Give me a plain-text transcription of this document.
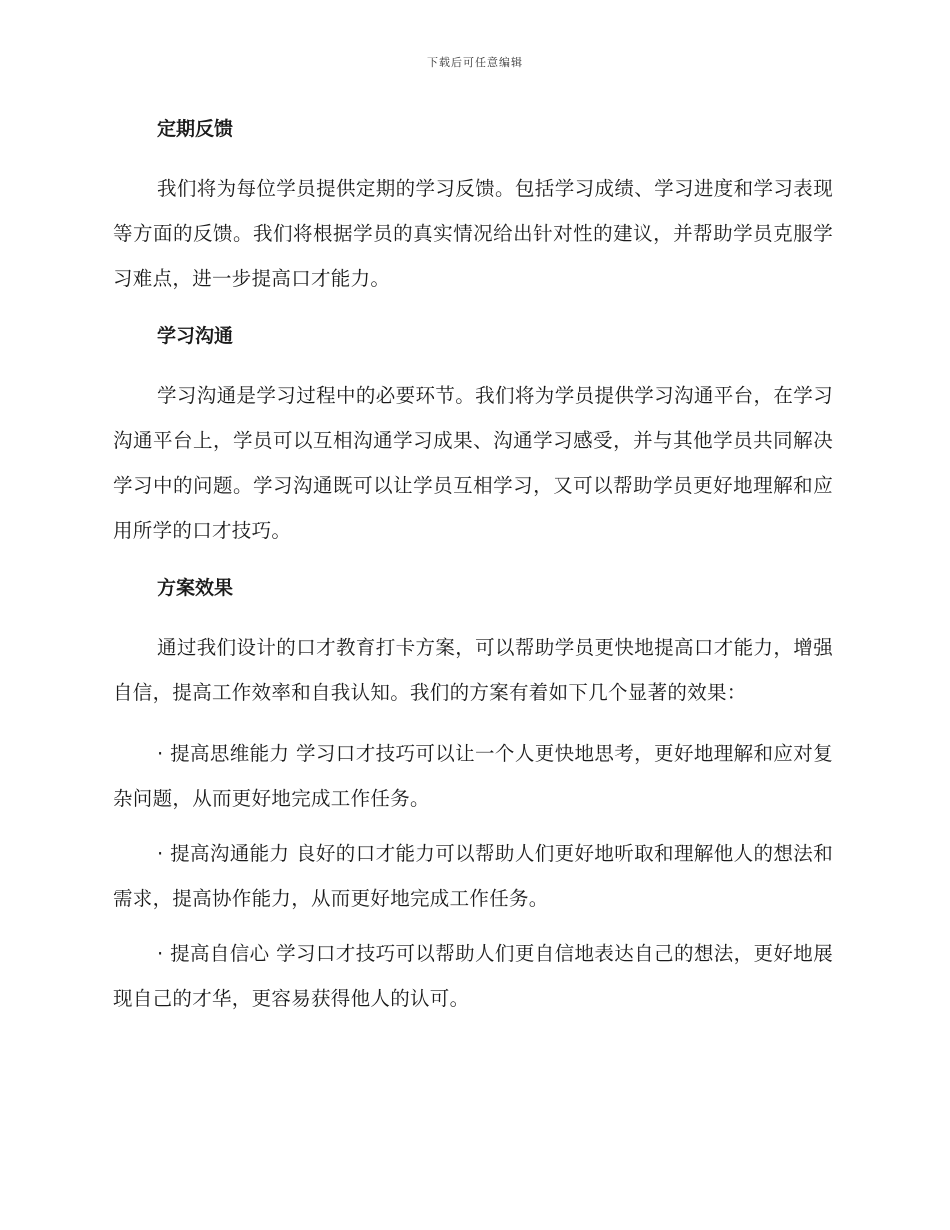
下载后可任意编辑
定期反馈

我们将为每位学员提供定期的学习反馈。包括学习成绩、学习进度和学习表现等方面的反馈。我们将根据学员的真实情况给出针对性的建议，并帮助学员克服学习难点，进一步提高口才能力。

学习沟通

学习沟通是学习过程中的必要环节。我们将为学员提供学习沟通平台，在学习沟通平台上，学员可以互相沟通学习成果、沟通学习感受，并与其他学员共同解决学习中的问题。学习沟通既可以让学员互相学习，又可以帮助学员更好地理解和应用所学的口才技巧。

方案效果

通过我们设计的口才教育打卡方案，可以帮助学员更快地提高口才能力，增强自信，提高工作效率和自我认知。我们的方案有着如下几个显著的效果：

· 提高思维能力 学习口才技巧可以让一个人更快地思考，更好地理解和应对复杂问题，从而更好地完成工作任务。

· 提高沟通能力 良好的口才能力可以帮助人们更好地听取和理解他人的想法和需求，提高协作能力，从而更好地完成工作任务。

· 提高自信心 学习口才技巧可以帮助人们更自信地表达自己的想法，更好地展现自己的才华，更容易获得他人的认可。
